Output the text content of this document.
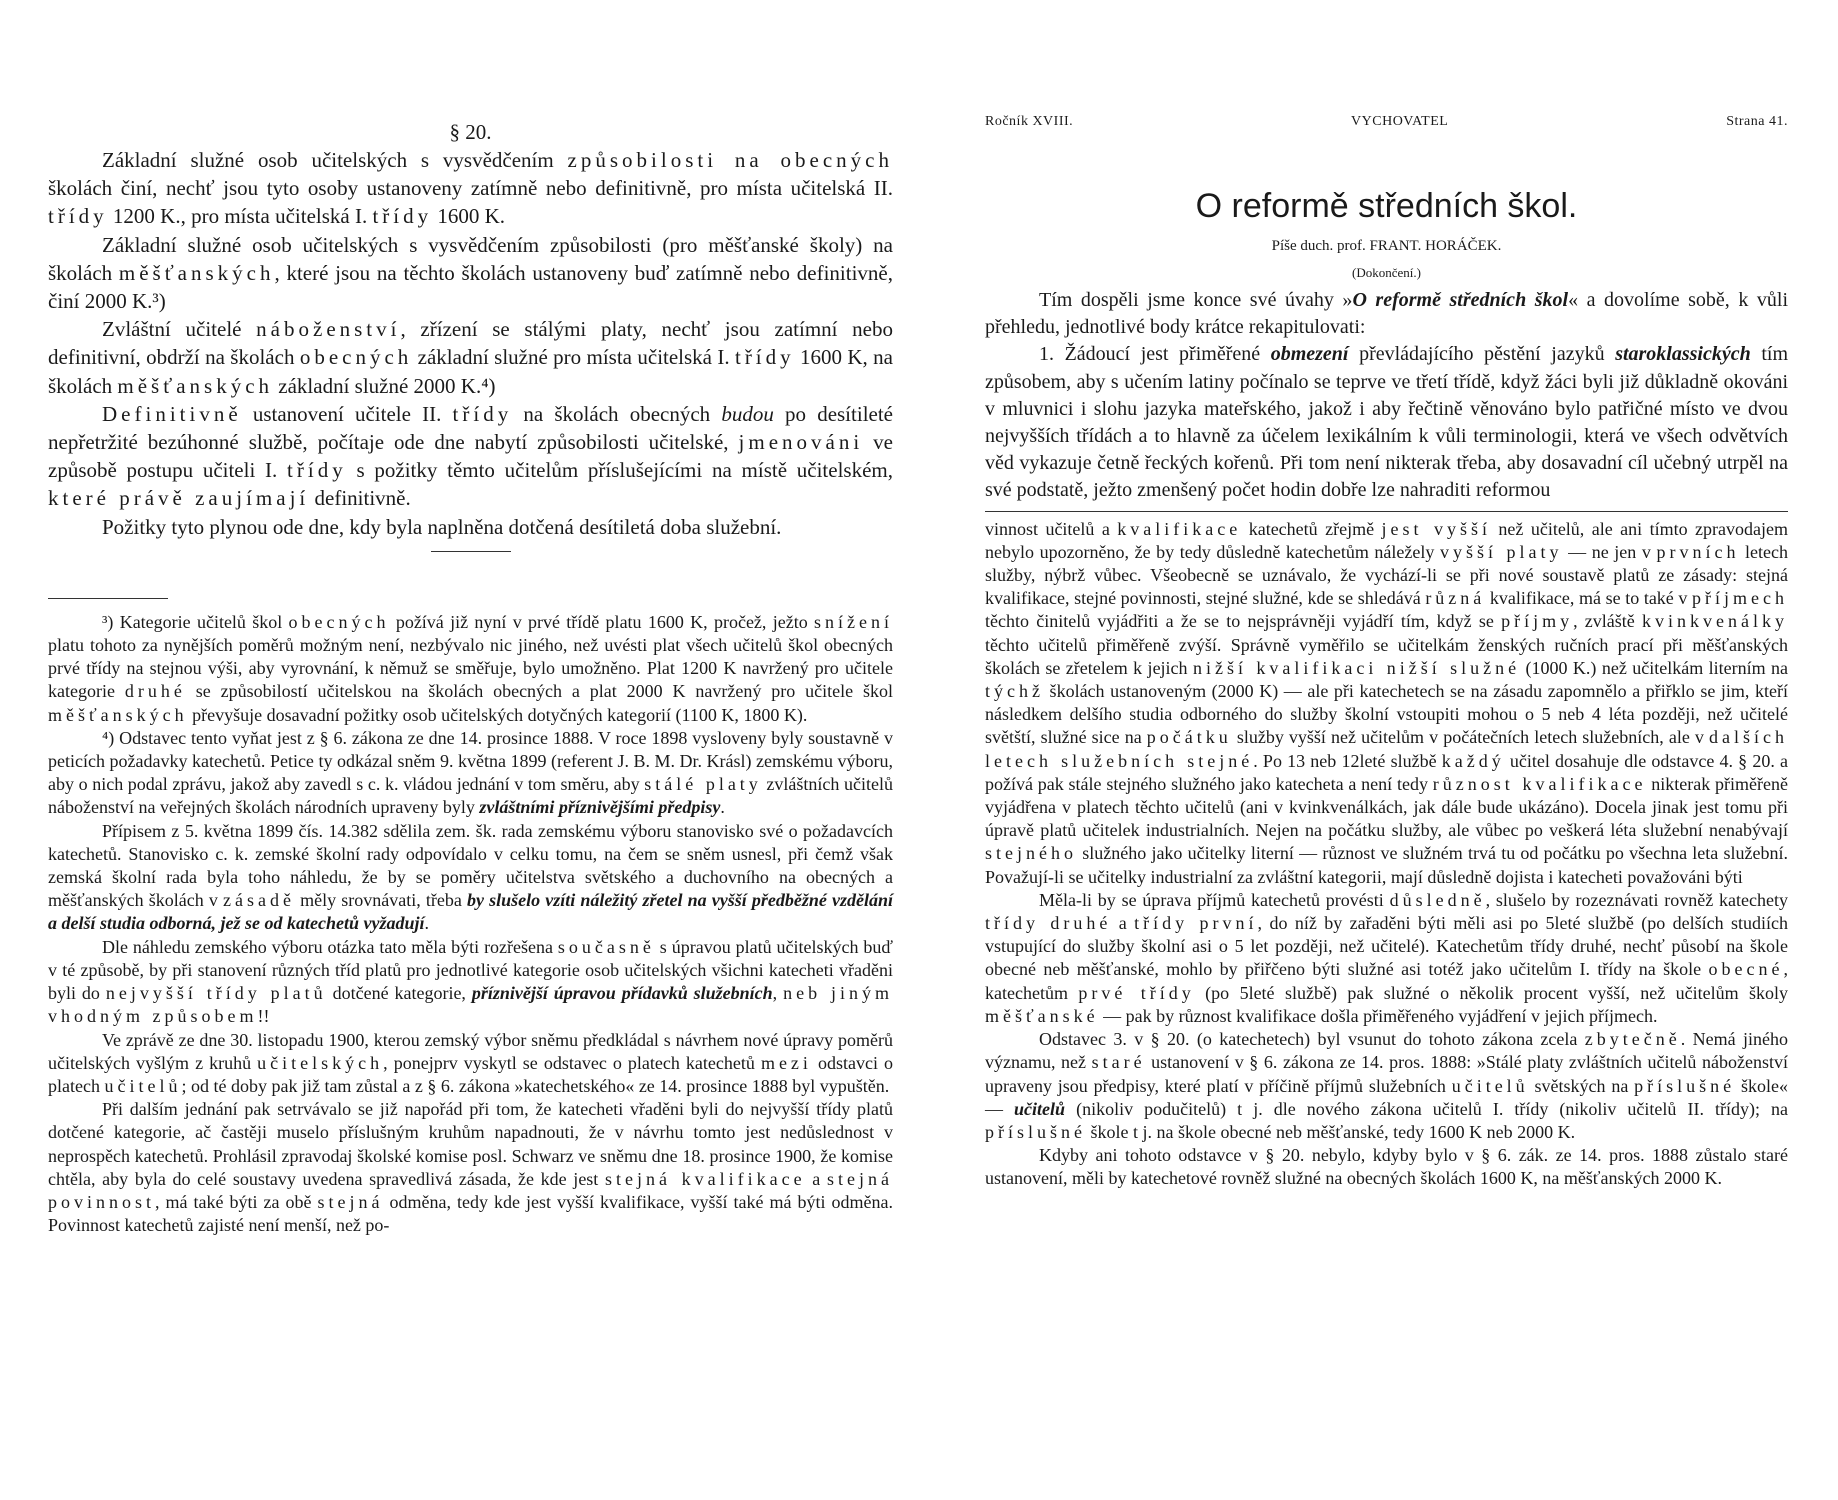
§ 20.

Základní služné osob učitelských s vysvědčením způsobilosti na obecných školách činí, nechť jsou tyto osoby ustanoveny zatímně nebo definitivně, pro místa učitelská II. třídy 1200 K., pro místa učitelská I. třídy 1600 K.

Základní služné osob učitelských s vysvědčením způsobilosti (pro měšťanské školy) na školách měšťanských, které jsou na těchto školách ustanoveny buď zatímně nebo definitivně, činí 2000 K.³)

Zvláštní učitelé náboženství, zřízení se stálými platy, nechť jsou zatímní nebo definitivní, obdrží na školách obecných základní služné pro místa učitelská I. třídy 1600 K, na školách měšťanských základní služné 2000 K.⁴)

Definitivně ustanovení učitele II. třídy na školách obecných budou po desítileté nepřetržité bezúhonné službě, počítaje ode dne nabytí způsobilosti učitelské, jmenováni ve způsobě postupu učiteli I. třídy s požitky těmto učitelům příslušejícími na místě učitelském, které právě zaujímají definitivně.

Požitky tyto plynou ode dne, kdy byla naplněna dotčená desítiletá doba služební.

³) Kategorie učitelů škol obecných požívá již nyní v prvé třídě platu 1600 K, pročež, ježto snížení platu tohoto za nynějších poměrů možným není, nezbývalo nic jiného, než uvésti plat všech učitelů škol obecných prvé třídy na stejnou výši, aby vyrovnání, k němuž se směřuje, bylo umožněno. Plat 1200 K navržený pro učitele kategorie druhé se způsobilostí učitelskou na školách obecných a plat 2000 K navržený pro učitele škol měšťanských převyšuje dosavadní požitky osob učitelských dotyčných kategorií (1100 K, 1800 K).

⁴) Odstavec tento vyňat jest z § 6. zákona ze dne 14. prosince 1888. V roce 1898 vysloveny byly soustavně v peticích požadavky katechetů. Petice ty odkázal sněm 9. května 1899 (referent J. B. M. Dr. Krásl) zemskému výboru, aby o nich podal zprávu, jakož aby zavedl s c. k. vládou jednání v tom směru, aby stálé platy zvláštních učitelů náboženství na veřejných školách národních upraveny byly zvláštními příznivějšími předpisy.

Přípisem z 5. května 1899 čís. 14.382 sdělila zem. šk. rada zemskému výboru stanovisko své o požadavcích katechetů. Stanovisko c. k. zemské školní rady odpovídalo v celku tomu, na čem se sněm usnesl, při čemž však zemská školní rada byla toho náhledu, že by se poměry učitelstva světského a duchovního na obecných a měšťanských školách v zásadě měly srovnávati, třeba by slušelo vzíti náležitý zřetel na vyšší předběžné vzdělání a delší studia odborná, jež se od katechetů vyžadují.

Dle náhledu zemského výboru otázka tato měla býti rozřešena současně s úpravou platů učitelských buď v té způsobě, by při stanovení různých tříd platů pro jednotlivé kategorie osob učitelských všichni katecheti vřaděni byli do nejvyšší třídy platů dotčené kategorie, příznivější úpravou přídavků služebních, neb jiným vhodným způsobem!!

Ve zprávě ze dne 30. listopadu 1900, kterou zemský výbor sněmu předkládal s návrhem nové úpravy poměrů učitelských vyšlým z kruhů učitelských, ponejprv vyskytl se odstavec o platech katechetů mezi odstavci o platech učitelů; od té doby pak již tam zůstal a z § 6. zákona »katechetského« ze 14. prosince 1888 byl vypuštěn.

Při dalším jednání pak setrvávalo se již napořád při tom, že katecheti vřaděni byli do nejvyšší třídy platů dotčené kategorie, ač častěji muselo příslušným kruhům napadnouti, že v návrhu tomto jest nedůslednost v neprospěch katechetů. Prohlásil zpravodaj školské komise posl. Schwarz ve sněmu dne 18. prosince 1900, že komise chtěla, aby byla do celé soustavy uvedena spravedlivá zásada, že kde jest stejná kvalifikace a stejná povinnost, má také býti za obě stejná odměna, tedy kde jest vyšší kvalifikace, vyšší také má býti odměna. Povinnost katechetů zajisté není menší, než po-

Ročník XVIII.	VYCHOVATEL	Strana 41.
O reformě středních škol.
Píše duch. prof. FRANT. HORÁČEK.
(Dokončení.)

Tím dospěli jsme konce své úvahy »O reformě středních škol« a dovolíme sobě, k vůli přehledu, jednotlivé body krátce rekapitulovati:

1. Žádoucí jest přiměřené obmezení převládajícího pěstění jazyků staroklassických tím způsobem, aby s učením latiny počínalo se teprve ve třetí třídě, když žáci byli již důkladně okováni v mluvnici i slohu jazyka mateřského, jakož i aby řečtině věnováno bylo patřičné místo ve dvou nejvyšších třídách a to hlavně za účelem lexikálním k vůli terminologii, která ve všech odvětvích věd vykazuje četně řeckých kořenů. Při tom není nikterak třeba, aby dosavadní cíl učebný utrpěl na své podstatě, ježto zmenšený počet hodin dobře lze nahraditi reformou

vinnost učitelů a kvalifikace katechetů zřejmě jest vyšší než učitelů, ale ani tímto zpravodajem nebylo upozorněno, že by tedy důsledně katechetům náležely vyšší platy — ne jen v prvních letech služby, nýbrž vůbec. Všeobecně se uznávalo, že vychází-li se při nové soustavě platů ze zásady: stejná kvalifikace, stejné povinnosti, stejné služné, kde se shledává různá kvalifikace, má se to také v příjmech těchto činitelů vyjádřiti a že se to nejsprávněji vyjádří tím, když se příjmy, zvláště kvinkvenálky těchto učitelů přiměřeně zvýší. Správně vyměřilo se učitelkám ženských ručních prací při měšťanských školách se zřetelem k jejich nižší kvalifikaci nižší služné (1000 K.) než učitelkám literním na týchž školách ustanoveným (2000 K) — ale při katechetech se na zásadu zapomnělo a přiřklo se jim, kteří následkem delšího studia odborného do služby školní vstoupiti mohou o 5 neb 4 léta později, než učitelé světští, služné sice na počátku služby vyšší než učitelům v počátečních letech služebních, ale v dalších letech služebních stejné. Po 13 neb 12leté službě každý učitel dosahuje dle odstavce 4. § 20. a požívá pak stále stejného služného jako katecheta a není tedy různost kvalifikace nikterak přiměřeně vyjádřena v platech těchto učitelů (ani v kvinkvenálkách, jak dále bude ukázáno). Docela jinak jest tomu při úpravě platů učitelek industrialních. Nejen na počátku služby, ale vůbec po veškerá léta služební nenabývají stejného služného jako učitelky literní — různost ve služném trvá tu od počátku po všechna leta služební. Považují-li se učitelky industrialní za zvláštní kategorii, mají důsledně dojista i katecheti považováni býti

Měla-li by se úprava příjmů katechetů provésti důsledně, slušelo by rozeznávati rovněž katechety třídy druhé a třídy první, do níž by zařaděni býti měli asi po 5leté službě (po delších studiích vstupující do služby školní asi o 5 let později, než učitelé). Katechetům třídy druhé, nechť působí na škole obecné neb měšťanské, mohlo by přiřčeno býti služné asi totéž jako učitelům I. třídy na škole obecné, katechetům prvé třídy (po 5leté službě) pak služné o několik procent vyšší, než učitelům školy měšťanské — pak by různost kvalifikace došla přiměřeného vyjádření v jejich příjmech.

Odstavec 3. v § 20. (o katechetech) byl vsunut do tohoto zákona zcela zbytečně. Nemá jiného významu, než staré ustanovení v § 6. zákona ze 14. pros. 1888: »Stálé platy zvláštních učitelů náboženství upraveny jsou předpisy, které platí v příčině příjmů služebních učitelů světských na příslušné škole« — učitelů (nikoliv podučitelů) t j. dle nového zákona učitelů I. třídy (nikoliv učitelů II. třídy); na příslušné škole t j. na škole obecné neb měšťanské, tedy 1600 K neb 2000 K.

Kdyby ani tohoto odstavce v § 20. nebylo, kdyby bylo v § 6. zák. ze 14. pros. 1888 zůstalo staré ustanovení, měli by katechetové rovněž služné na obecných školách 1600 K, na měšťanských 2000 K.
